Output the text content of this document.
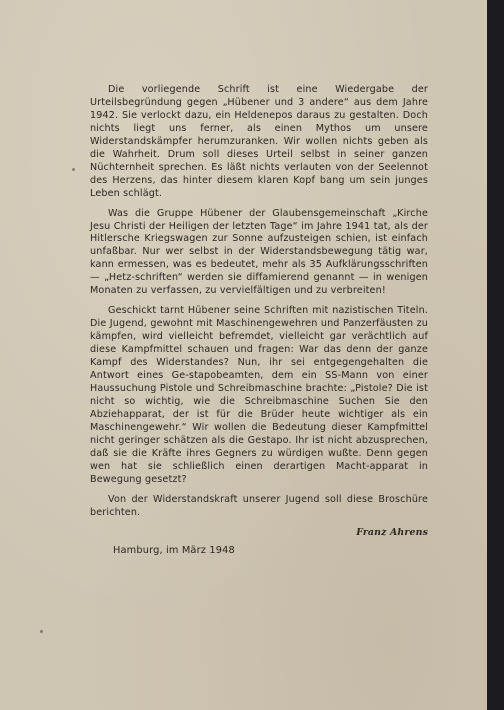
Die vorliegende Schrift ist eine Wiedergabe der Urteilsbegründung gegen „Hübener und 3 andere“ aus dem Jahre 1942. Sie verlockt dazu, ein Heldenepos daraus zu gestalten. Doch nichts liegt uns ferner, als einen Mythos um unsere Widerstandskämpfer herumzuranken. Wir wollen nichts geben als die Wahrheit. Drum soll dieses Urteil selbst in seiner ganzen Nüchternheit sprechen. Es läßt nichts verlauten von der Seelennot des Herzens, das hinter diesem klaren Kopf bang um sein junges Leben schlägt.

Was die Gruppe Hübener der Glaubensgemeinschaft „Kirche Jesu Christi der Heiligen der letzten Tage“ im Jahre 1941 tat, als der Hitlersche Kriegswagen zur Sonne aufzusteigen schien, ist einfach unfaßbar. Nur wer selbst in der Widerstandsbewegung tätig war, kann ermessen, was es bedeutet, mehr als 35 Aufklärungsschriften — „Hetz-schriften“ werden sie diffamierend genannt — in wenigen Monaten zu verfassen, zu vervielfältigen und zu verbreiten!

Geschickt tarnt Hübener seine Schriften mit nazistischen Titeln. Die Jugend, gewohnt mit Maschinengewehren und Panzerfäusten zu kämpfen, wird vielleicht befremdet, vielleicht gar verächtlich auf diese Kampfmittel schauen und fragen: War das denn der ganze Kampf des Widerstandes? Nun, ihr sei entgegengehalten die Antwort eines Ge-stapobeamten, dem ein SS-Mann von einer Haussuchung Pistole und Schreibmaschine brachte: „Pistole? Die ist nicht so wichtig, wie die Schreibmaschine Suchen Sie den Abziehapparat, der ist für die Brüder heute wichtiger als ein Maschinengewehr.“ Wir wollen die Bedeutung dieser Kampfmittel nicht geringer schätzen als die Gestapo. Ihr ist nicht abzusprechen, daß sie die Kräfte ihres Gegners zu würdigen wußte. Denn gegen wen hat sie schließlich einen derartigen Macht-apparat in Bewegung gesetzt?

Von der Widerstandskraft unserer Jugend soll diese Broschüre berichten.

Franz Ahrens

Hamburg, im März 1948
